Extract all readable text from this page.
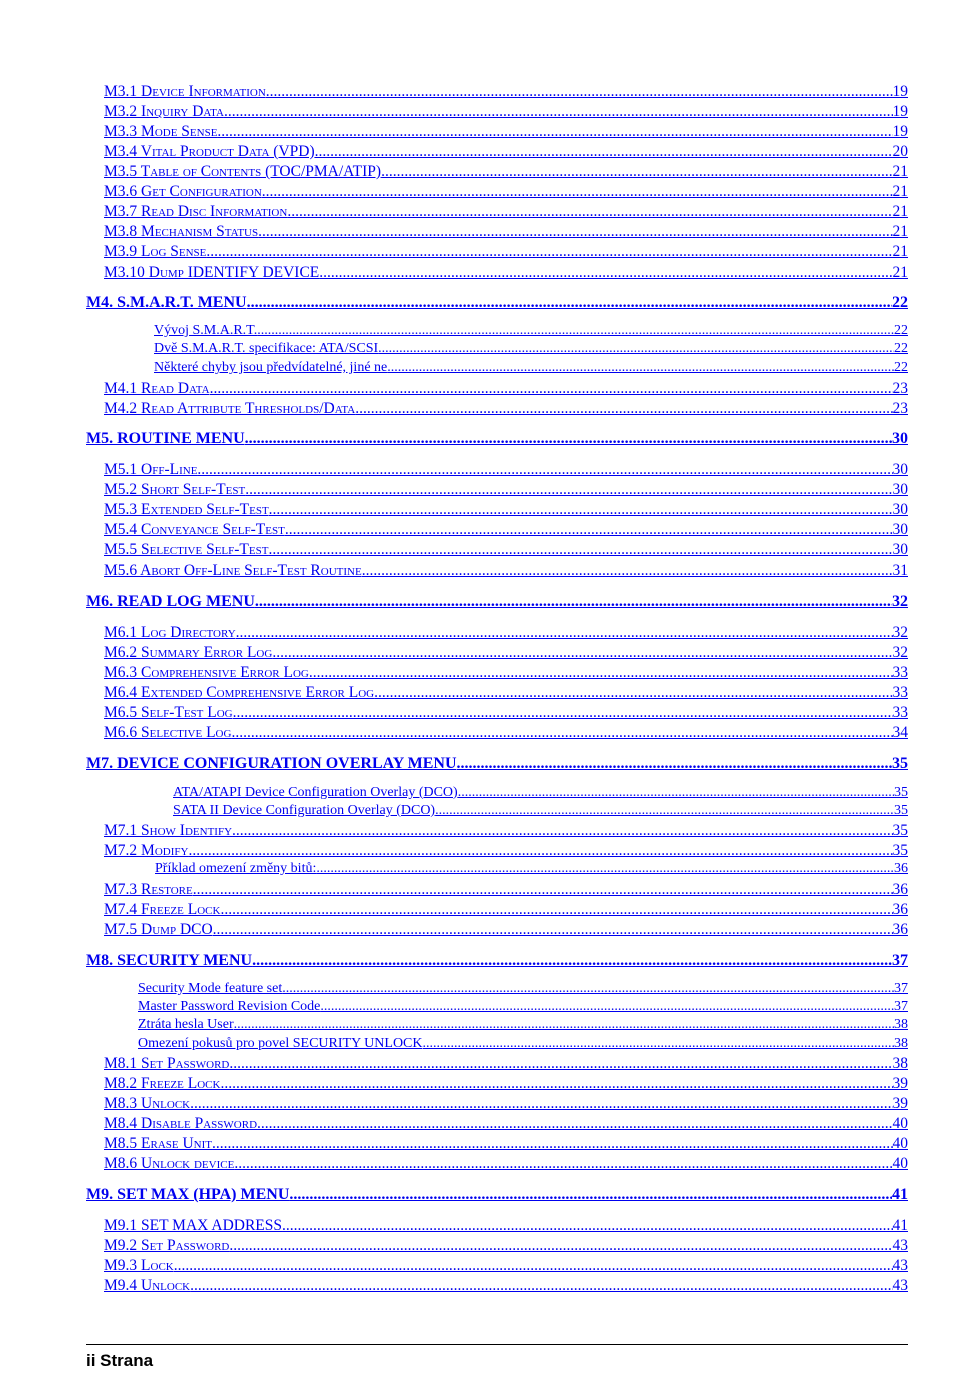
M3.1 Device Information .....	19
M3.2 Inquiry Data .....	19
M3.3 Mode Sense .....	19
M3.4 Vital Product Data (VPD) .....	20
M3.5 Table of Contents (TOC/PMA/ATIP) .....	21
M3.6 Get Configuration .....	21
M3.7 Read Disc Information .....	21
M3.8 Mechanism Status .....	21
M3.9 Log Sense .....	21
M3.10 Dump IDENTIFY DEVICE .....	21
M4. S.M.A.R.T. MENU .....	22
Vývoj S.M.A.R.T. .....	22
Dvě S.M.A.R.T. specifikace: ATA/SCSI .....	22
Některé chyby jsou předvídatelné, jiné ne .....	22
M4.1 Read Data .....	23
M4.2 Read Attribute Thresholds/Data .....	23
M5. ROUTINE MENU .....	30
M5.1 Off-Line .....	30
M5.2 Short Self-Test .....	30
M5.3 Extended Self-Test .....	30
M5.4 Conveyance Self-Test .....	30
M5.5 Selective Self-Test .....	30
M5.6 Abort Off-Line Self-Test Routine .....	31
M6. READ LOG MENU .....	32
M6.1 Log Directory .....	32
M6.2 Summary Error Log .....	32
M6.3 Comprehensive Error Log .....	33
M6.4 Extended Comprehensive Error Log .....	33
M6.5 Self-Test Log .....	33
M6.6 Selective Log .....	34
M7. DEVICE CONFIGURATION OVERLAY MENU .....	35
ATA/ATAPI Device Configuration Overlay (DCO) .....	35
SATA II Device Configuration Overlay (DCO) .....	35
M7.1 Show Identify .....	35
M7.2 Modify .....	35
Příklad omezení změny bitů: .....	36
M7.3 Restore .....	36
M7.4 Freeze Lock .....	36
M7.5 Dump DCO .....	36
M8. SECURITY MENU .....	37
Security Mode feature set .....	37
Master Password Revision Code .....	37
Ztráta hesla User .....	38
Omezení pokusů pro povel SECURITY UNLOCK .....	38
M8.1 Set Password .....	38
M8.2 Freeze Lock .....	39
M8.3 Unlock .....	39
M8.4 Disable Password .....	40
M8.5 Erase Unit .....	40
M8.6 Unlock device .....	40
M9. SET MAX (HPA) MENU .....	41
M9.1 SET MAX ADDRESS .....	41
M9.2 Set Password .....	43
M9.3 Lock .....	43
M9.4 Unlock .....	43
ii Strana
